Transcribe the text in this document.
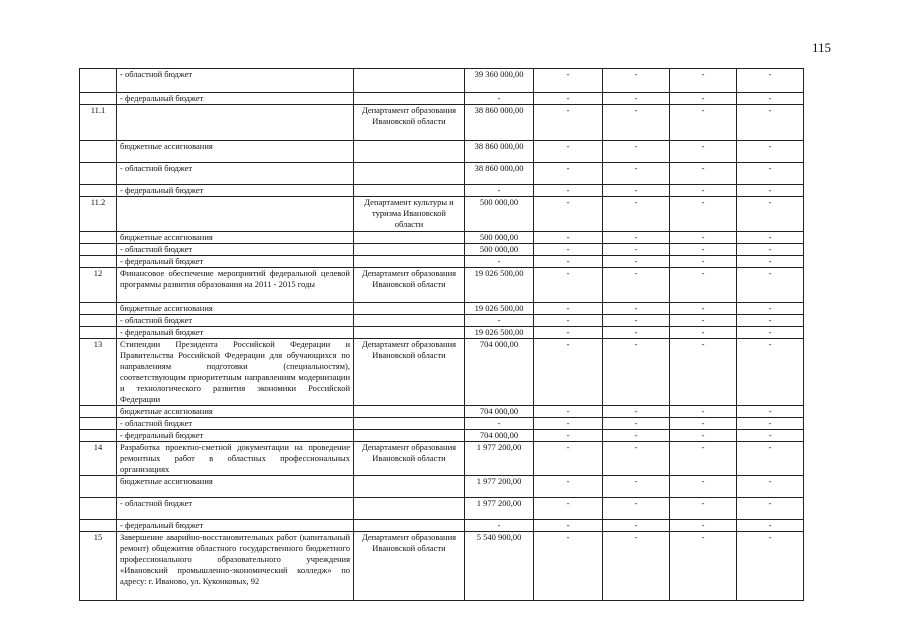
115
	- областной бюджет		39 360 000,00	-	-	-	-
	- федеральный бюджет		-	-	-	-	-
11.1		Департамент образования Ивановской области	38 860 000,00	-	-	-	-
	бюджетные ассигнования		38 860 000,00	-	-	-	-
	- областной бюджет		38 860 000,00	-	-	-	-
	- федеральный бюджет		-	-	-	-	-
11.2		Департамент культуры и туризма Ивановской области	500 000,00	-	-	-	-
	бюджетные ассигнования		500 000,00	-	-	-	-
	- областной бюджет		500 000,00	-	-	-	-
	- федеральный бюджет		-	-	-	-	-
12	Финансовое обеспечение мероприятий федеральной целевой программы развития образования на 2011 - 2015 годы	Департамент образования Ивановской области	19 026 500,00	-	-	-	-
	бюджетные ассигнования		19 026 500,00	-	-	-	-
	- областной бюджет		-	-	-	-	-
	- федеральный бюджет		19 026 500,00	-	-	-	-
13	Стипендии Президента Российской Федерации и Правительства Российской Федерации для обучающихся по направлениям подготовки (специальностям), соответствующим приоритетным направлениям модернизации и технологического развития экономики Российской Федерации	Департамент образования Ивановской области	704 000,00	-	-	-	-
	бюджетные ассигнования		704 000,00	-	-	-	-
	- областной бюджет		-	-	-	-	-
	- федеральный бюджет		704 000,00	-	-	-	-
14	Разработка проектно-сметной документации на проведение ремонтных работ в областных профессиональных организациях	Департамент образования Ивановской области	1 977 200,00	-	-	-	-
	бюджетные ассигнования		1 977 200,00	-	-	-	-
	- областной бюджет		1 977 200,00	-	-	-	-
	- федеральный бюджет		-	-	-	-	-
15	Завершение аварийно-восстановительных работ (капитальный ремонт) общежития областного государственного бюджетного профессионального образовательного учреждения «Ивановский промышленно-экономический колледж» по адресу: г. Иваново, ул. Куконковых, 92	Департамент образования Ивановской области	5 540 900,00	-	-	-	-
